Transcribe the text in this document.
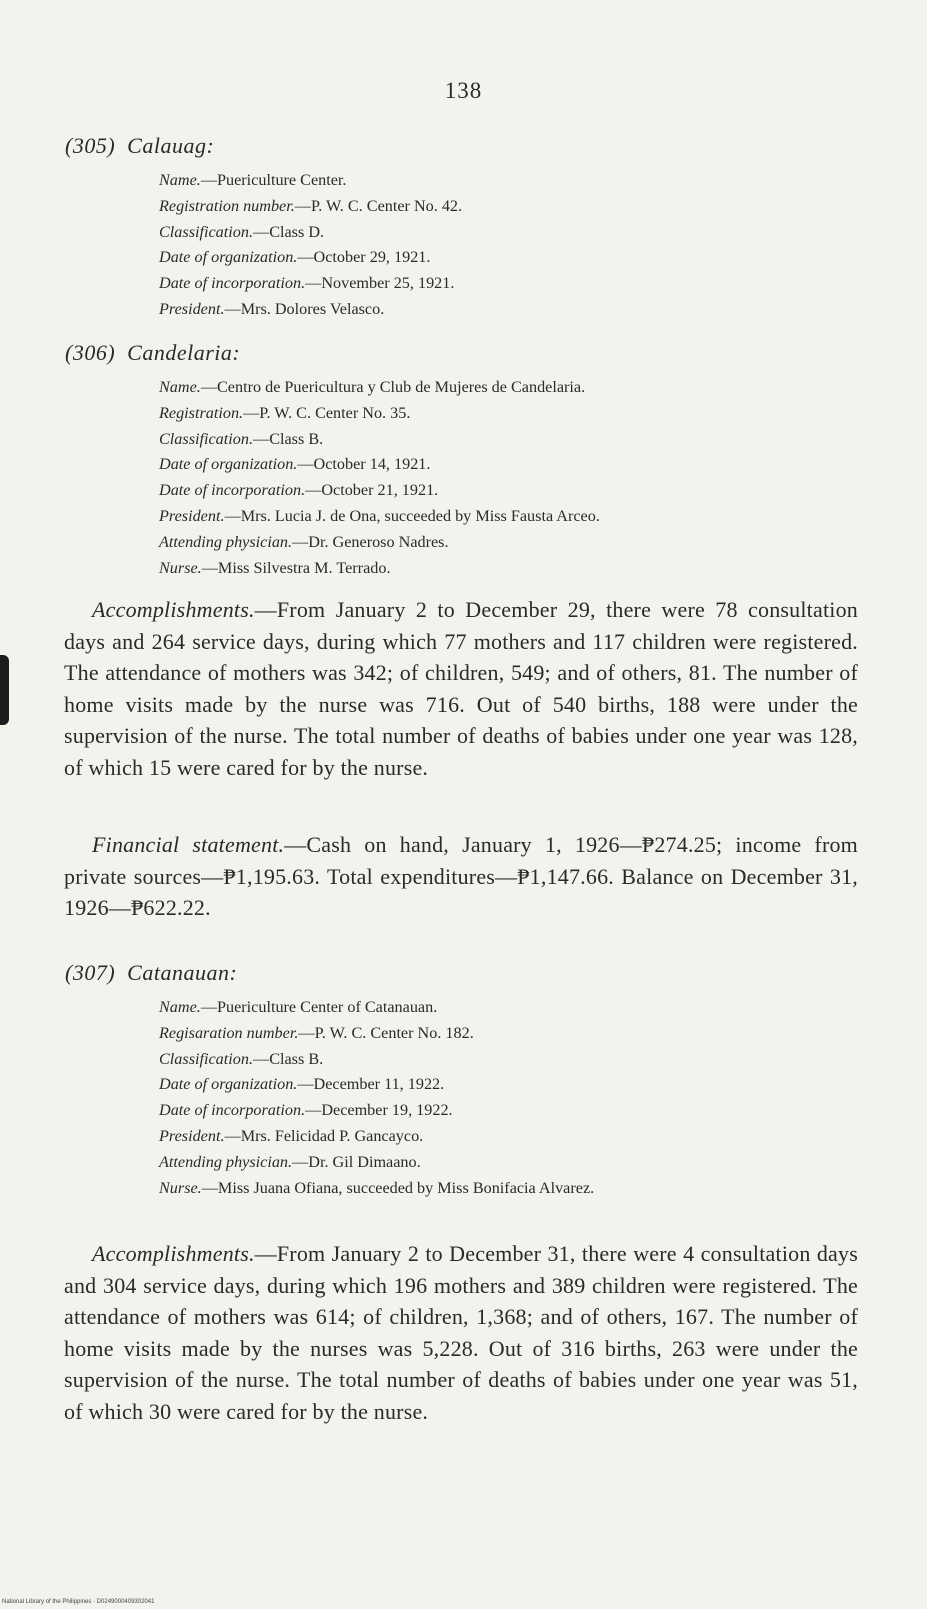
138
(305) Calauag:
Name.—Puericulture Center.
Registration number.—P. W. C. Center No. 42.
Classification.—Class D.
Date of organization.—October 29, 1921.
Date of incorporation.—November 25, 1921.
President.—Mrs. Dolores Velasco.
(306) Candelaria:
Name.—Centro de Puericultura y Club de Mujeres de Candelaria.
Registration.—P. W. C. Center No. 35.
Classification.—Class B.
Date of organization.—October 14, 1921.
Date of incorporation.—October 21, 1921.
President.—Mrs. Lucia J. de Ona, succeeded by Miss Fausta Arceo.
Attending physician.—Dr. Generoso Nadres.
Nurse.—Miss Silvestra M. Terrado.
Accomplishments.—From January 2 to December 29, there were 78 consultation days and 264 service days, during which 77 mothers and 117 children were registered. The attendance of mothers was 342; of children, 549; and of others, 81. The number of home visits made by the nurse was 716. Out of 540 births, 188 were under the supervision of the nurse. The total number of deaths of babies under one year was 128, of which 15 were cared for by the nurse.
Financial statement.—Cash on hand, January 1, 1926—₱274.25; income from private sources—₱1,195.63. Total expenditures—₱1,147.66. Balance on December 31, 1926—₱622.22.
(307) Catanauan:
Name.—Puericulture Center of Catanauan.
Regisaration number.—P. W. C. Center No. 182.
Classification.—Class B.
Date of organization.—December 11, 1922.
Date of incorporation.—December 19, 1922.
President.—Mrs. Felicidad P. Gancayco.
Attending physician.—Dr. Gil Dimaano.
Nurse.—Miss Juana Ofiana, succeeded by Miss Bonifacia Alvarez.
Accomplishments.—From January 2 to December 31, there were 4 consultation days and 304 service days, during which 196 mothers and 389 children were registered. The attendance of mothers was 614; of children, 1,368; and of others, 167. The number of home visits made by the nurses was 5,228. Out of 316 births, 263 were under the supervision of the nurse. The total number of deaths of babies under one year was 51, of which 30 were cared for by the nurse.
National Library of the Philippines · D0249000409302041
